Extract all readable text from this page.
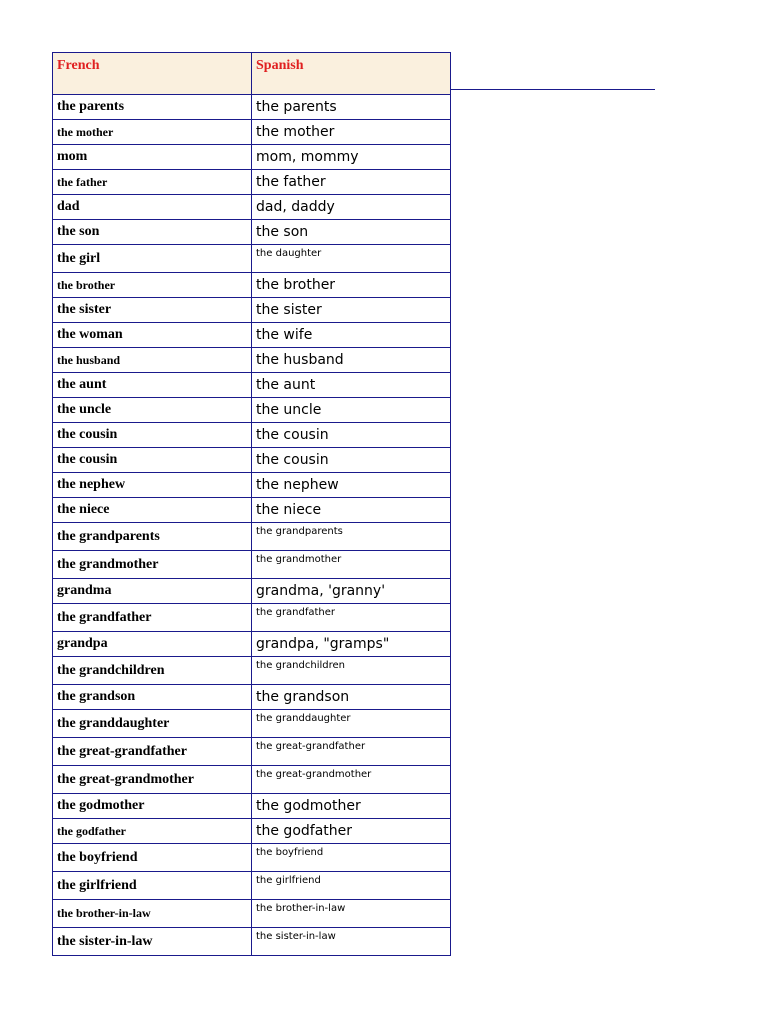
French	Spanish
the parents	the parents
the mother	the mother
mom	mom, mommy
the father	the father
dad	dad, daddy
the son	the son
the girl	the daughter
the brother	the brother
the sister	the sister
the woman	the wife
the husband	the husband
the aunt	the aunt
the uncle	the uncle
the cousin	the cousin
the cousin	the cousin
the nephew	the nephew
the niece	the niece
the grandparents	the grandparents
the grandmother	the grandmother
grandma	grandma, 'granny'
the grandfather	the grandfather
grandpa	grandpa, "gramps"
the grandchildren	the grandchildren
the grandson	the grandson
the granddaughter	the granddaughter
the great-grandfather	the great-grandfather
the great-grandmother	the great-grandmother
the godmother	the godmother
the godfather	the godfather
the boyfriend	the boyfriend
the girlfriend	the girlfriend
the brother-in-law	the brother-in-law
the sister-in-law	the sister-in-law
